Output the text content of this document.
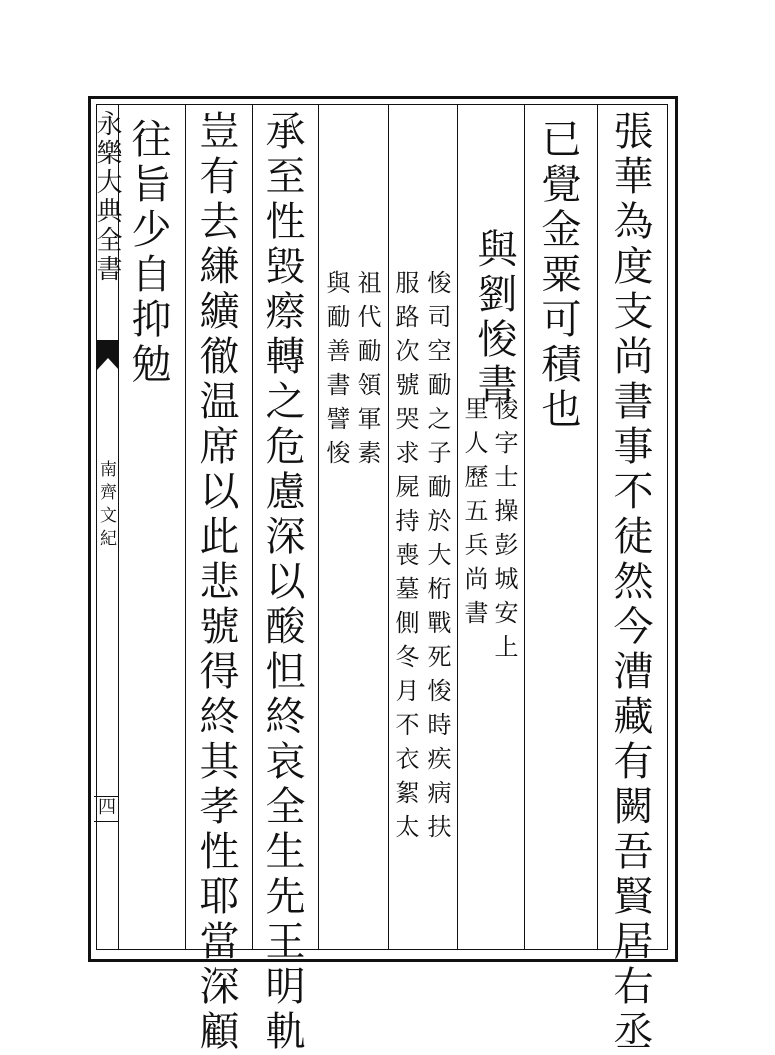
永樂大典全書
南齊文紀
四	張華為度支尚書事不徒然今漕藏有闕吾賢居右丞
已覺金粟可積也
與劉悛書
悛字士操彭城安上
里人歷五兵尚書
悛司空勔之子勔於大桁戰死悛時疾病扶
服路次號哭求屍持喪墓側冬月不衣絮太
祖代勔領軍素
與勔善書譬悛
承至性毀瘵轉之危慮深以酸怛終哀全生先王明軌
豈有去縑纊徹温席以此悲號得終其孝性耶當深顧
往旨少自抑勉
